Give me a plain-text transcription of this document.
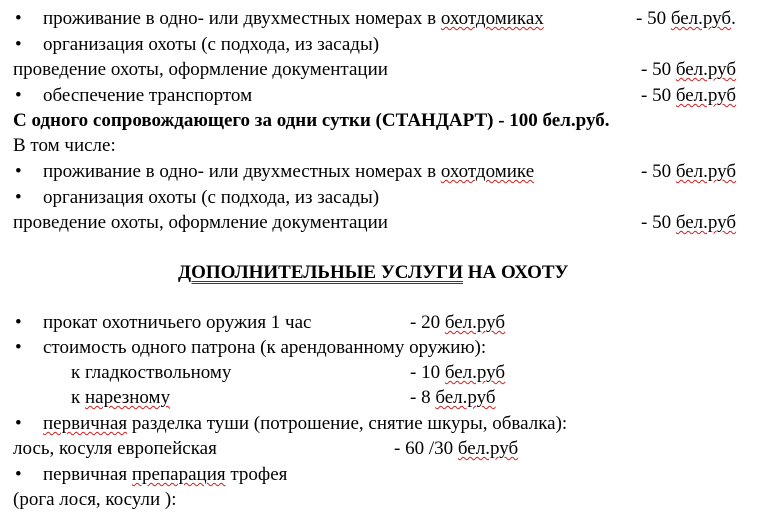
• проживание в одно- или двухместных номерах в охотдомиках	- 50 бел.руб.
• организация охоты (с подхода, из засады)
проведение охоты, оформление документации	- 50 бел.руб
• обеспечение транспортом	- 50 бел.руб
С одного сопровождающего за одни сутки (СТАНДАРТ) - 100 бел.руб.
В том числе:
• проживание в одно- или двухместных номерах в охотдомике	- 50 бел.руб
• организация охоты (с подхода, из засады)
проведение охоты, оформление документации	- 50 бел.руб
ДОПОЛНИТЕЛЬНЫЕ УСЛУГИ НА ОХОТУ
• прокат охотничьего оружия 1 час	- 20 бел.руб
• стоимость одного патрона (к арендованному оружию):
к гладкоствольному	- 10 бел.руб
к нарезному	- 8 бел.руб
• первичная разделка туши (потрошение, снятие шкуры, обвалка):
лось, косуля европейская	- 60 /30 бел.руб
• первичная препарация трофея
(рога лося, косули ):
